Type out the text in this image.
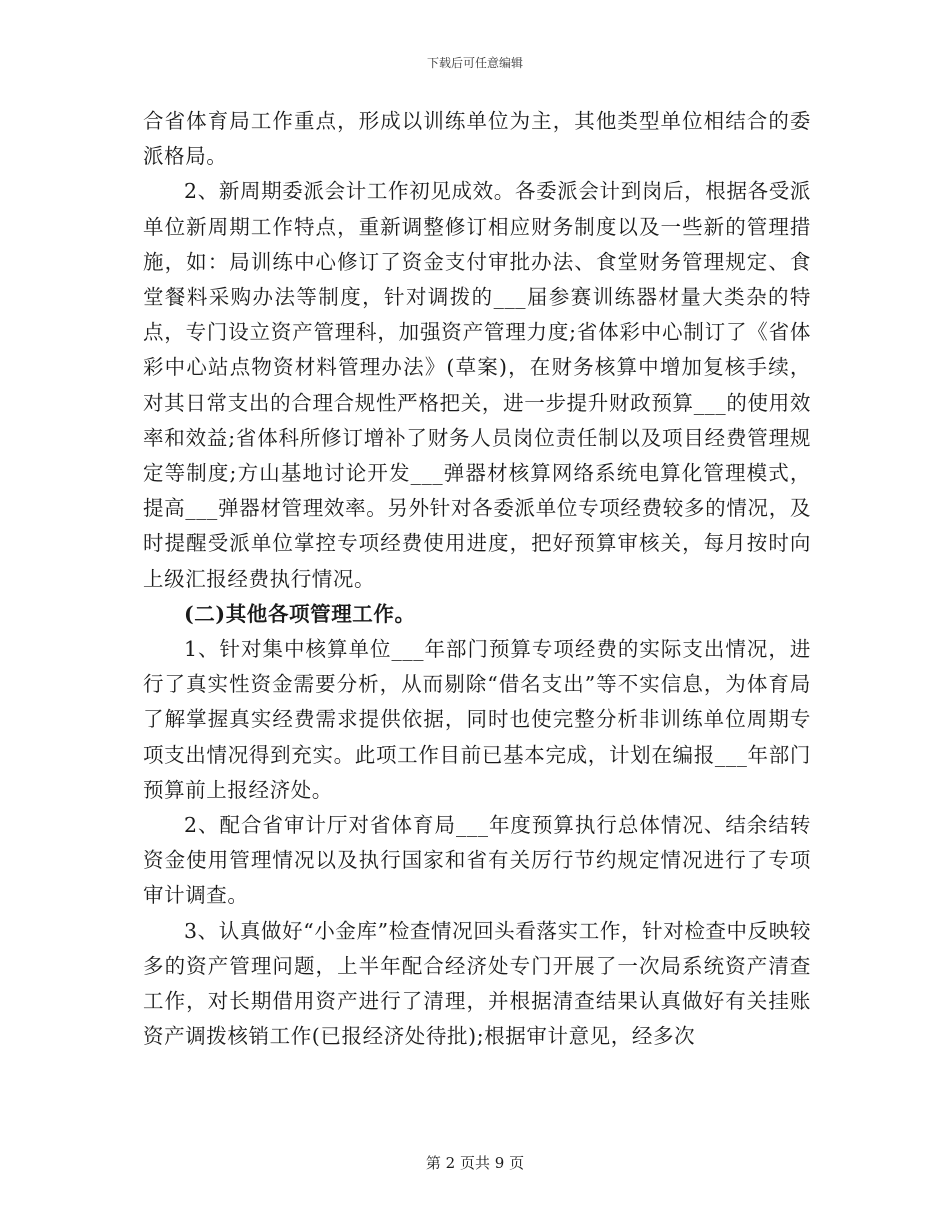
下载后可任意编辑

合省体育局工作重点，形成以训练单位为主，其他类型单位相结合的委派格局。

2、新周期委派会计工作初见成效。各委派会计到岗后，根据各受派单位新周期工作特点，重新调整修订相应财务制度以及一些新的管理措施，如：局训练中心修订了资金支付审批办法、食堂财务管理规定、食堂餐料采购办法等制度，针对调拨的___届参赛训练器材量大类杂的特点，专门设立资产管理科，加强资产管理力度;省体彩中心制订了《省体彩中心站点物资材料管理办法》(草案)，在财务核算中增加复核手续，对其日常支出的合理合规性严格把关，进一步提升财政预算___的使用效率和效益;省体科所修订增补了财务人员岗位责任制以及项目经费管理规定等制度;方山基地讨论开发___弹器材核算网络系统电算化管理模式，提高___弹器材管理效率。另外针对各委派单位专项经费较多的情况，及时提醒受派单位掌控专项经费使用进度，把好预算审核关，每月按时向上级汇报经费执行情况。

(二)其他各项管理工作。

1、针对集中核算单位___年部门预算专项经费的实际支出情况，进行了真实性资金需要分析，从而剔除“借名支出”等不实信息，为体育局了解掌握真实经费需求提供依据，同时也使完整分析非训练单位周期专项支出情况得到充实。此项工作目前已基本完成，计划在编报___年部门预算前上报经济处。

2、配合省审计厅对省体育局___年度预算执行总体情况、结余结转资金使用管理情况以及执行国家和省有关厉行节约规定情况进行了专项审计调查。

3、认真做好“小金库”检查情况回头看落实工作，针对检查中反映较多的资产管理问题，上半年配合经济处专门开展了一次局系统资产清查工作，对长期借用资产进行了清理，并根据清查结果认真做好有关挂账资产调拨核销工作(已报经济处待批);根据审计意见，经多次

第 2 页共 9 页
